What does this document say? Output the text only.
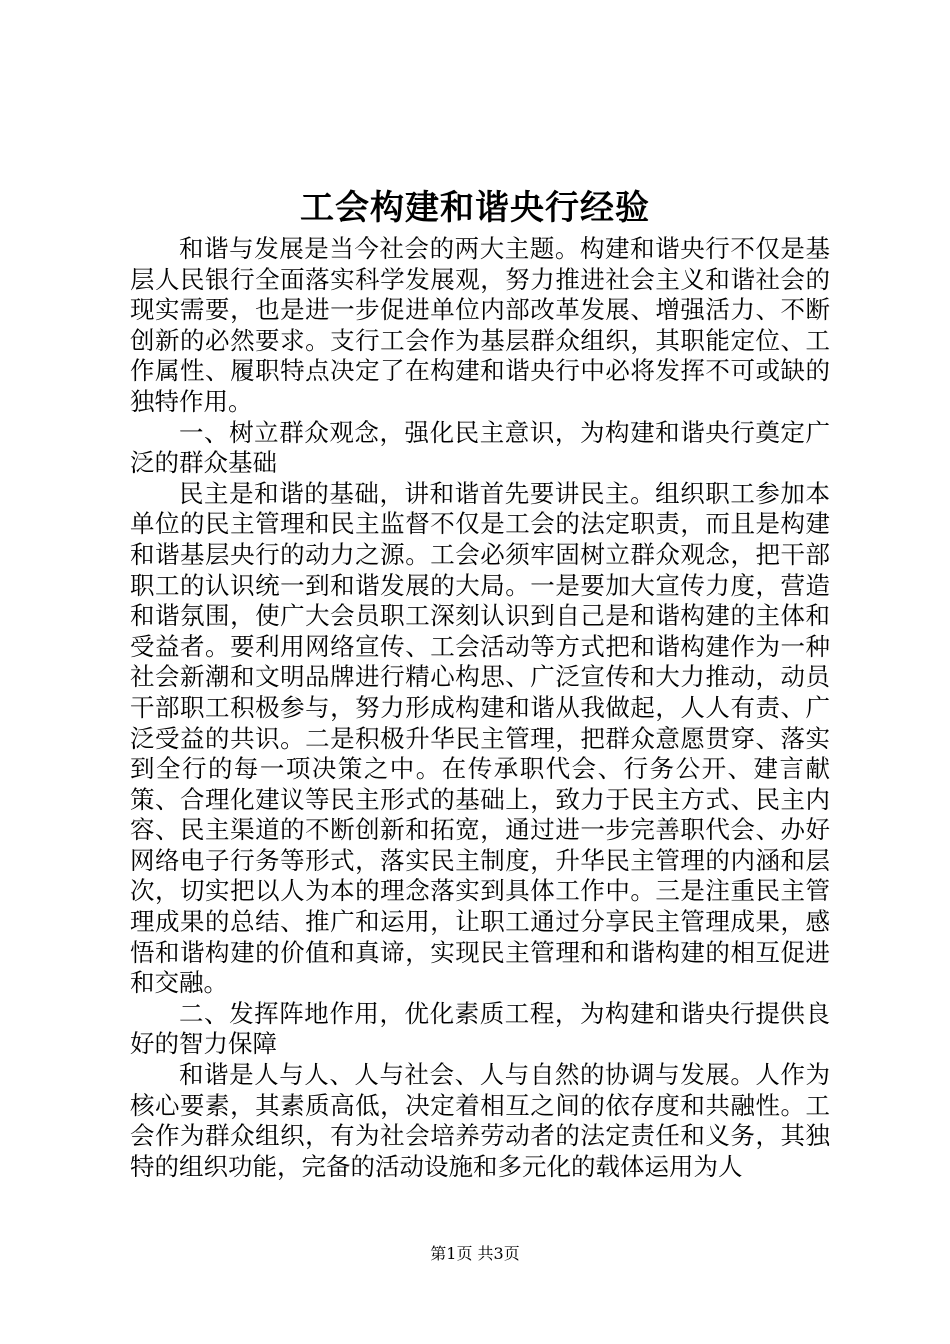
工会构建和谐央行经验

和谐与发展是当今社会的两大主题。构建和谐央行不仅是基层人民银行全面落实科学发展观，努力推进社会主义和谐社会的现实需要，也是进一步促进单位内部改革发展、增强活力、不断创新的必然要求。支行工会作为基层群众组织，其职能定位、工作属性、履职特点决定了在构建和谐央行中必将发挥不可或缺的独特作用。

一、树立群众观念，强化民主意识，为构建和谐央行奠定广泛的群众基础

民主是和谐的基础，讲和谐首先要讲民主。组织职工参加本单位的民主管理和民主监督不仅是工会的法定职责，而且是构建和谐基层央行的动力之源。工会必须牢固树立群众观念，把干部职工的认识统一到和谐发展的大局。一是要加大宣传力度，营造和谐氛围，使广大会员职工深刻认识到自己是和谐构建的主体和受益者。要利用网络宣传、工会活动等方式把和谐构建作为一种社会新潮和文明品牌进行精心构思、广泛宣传和大力推动，动员干部职工积极参与，努力形成构建和谐从我做起，人人有责、广泛受益的共识。二是积极升华民主管理，把群众意愿贯穿、落实到全行的每一项决策之中。在传承职代会、行务公开、建言献策、合理化建议等民主形式的基础上，致力于民主方式、民主内容、民主渠道的不断创新和拓宽，通过进一步完善职代会、办好网络电子行务等形式，落实民主制度，升华民主管理的内涵和层次，切实把以人为本的理念落实到具体工作中。三是注重民主管理成果的总结、推广和运用，让职工通过分享民主管理成果，感悟和谐构建的价值和真谛，实现民主管理和和谐构建的相互促进和交融。

二、发挥阵地作用，优化素质工程，为构建和谐央行提供良好的智力保障

和谐是人与人、人与社会、人与自然的协调与发展。人作为核心要素，其素质高低，决定着相互之间的依存度和共融性。工会作为群众组织，有为社会培养劳动者的法定责任和义务，其独特的组织功能，完备的活动设施和多元化的载体运用为人

第1页 共3页
